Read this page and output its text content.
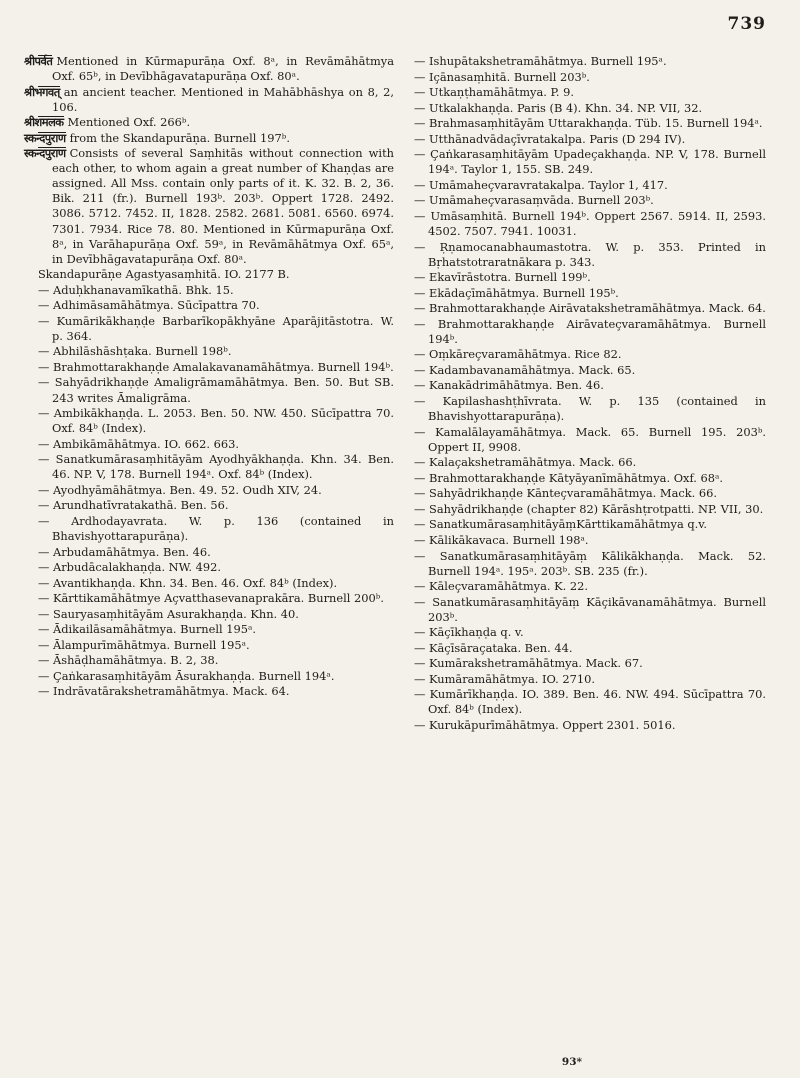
739
श्रीपर्वत Mentioned in Kūrmapurāṇa Oxf. 8ᵃ, in Revāmāhātmya Oxf. 65ᵇ, in Devībhāgavatapurāṇa Oxf. 80ᵃ.
श्रीभगवत् an ancient teacher. Mentioned in Mahābhāshya on 8, 2, 106.
श्रीशमलक Mentioned Oxf. 266ᵇ.
स्कन्दपुराण from the Skandapurāṇa. Burnell 197ᵇ.
स्कन्दपुराण Consists of several Saṃhitās without connection with each other, to whom again a great number of Khaṇḍas are assigned. All Mss. contain only parts of it. K. 32. B. 2, 36. Bik. 211 (fr.). Burnell 193ᵇ. 203ᵇ. Oppert 1728. 2492. 3086. 5712. 7452. II, 1828. 2582. 2681. 5081. 6560. 6974. 7301. 7934. Rice 78. 80. Mentioned in Kūrmapurāṇa Oxf. 8ᵃ, in Varāhapurāṇa Oxf. 59ᵃ, in Revāmāhātmya Oxf. 65ᵃ, in Devībhāgavatapurāṇa Oxf. 80ᵃ.
Skandapurāṇe Agastyasaṃhitā. IO. 2177 B.
— Aduḥkhanavamīkathā. Bhk. 15.
— Adhimāsamāhātmya. Sūcīpattra 70.
— Kumārikākhaṇḍe Barbarīkopākhyāne Aparājitāstotra. W. p. 364.
— Abhilāshāshṭaka. Burnell 198ᵇ.
— Brahmottarakhaṇḍe Amalakavanamāhātmya. Burnell 194ᵇ.
— Sahyādrikhaṇḍe Amaligrāmamāhātmya. Ben. 50. But SB. 243 writes Āmaligrāma.
— Ambikākhaṇḍa. L. 2053. Ben. 50. NW. 450. Sūcīpattra 70. Oxf. 84ᵇ (Index).
— Ambikāmāhātmya. IO. 662. 663.
— Sanatkumārasaṃhitāyām Ayodhyākhaṇḍa. Khn. 34. Ben. 46. NP. V, 178. Burnell 194ᵃ. Oxf. 84ᵇ (Index).
— Ayodhyāmāhātmya. Ben. 49. 52. Oudh XIV, 24.
— Arundhatīvratakathā. Ben. 56.
— Ardhodayavrata. W. p. 136 (contained in Bhavishyottarapurāṇa).
— Arbudamāhātmya. Ben. 46.
— Arbudācalakhaṇḍa. NW. 492.
— Avantikhaṇḍa. Khn. 34. Ben. 46. Oxf. 84ᵇ (Index).
— Kārttikamāhātmye Aҫvatthasevanaprakāra. Burnell 200ᵇ.
— Sauryasaṃhitāyām Asurakhaṇḍa. Khn. 40.
— Ādikailāsamāhātmya. Burnell 195ᵃ.
— Ālampurīmāhātmya. Burnell 195ᵃ.
— Āshāḍhamāhātmya. B. 2, 38.
— Çaṅkarasaṃhitāyām Āsurakhaṇḍa. Burnell 194ᵃ.
— Indrāvatārakshetramāhātmya. Mack. 64.
— Ishupātakshetramāhātmya. Burnell 195ᵃ.
— Içānasaṃhitā. Burnell 203ᵇ.
— Utkaṇṭhamāhātmya. P. 9.
— Utkalakhaṇḍa. Paris (B 4). Khn. 34. NP. VII, 32.
— Brahmasaṃhitāyām Uttarakhaṇḍa. Tüb. 15. Burnell 194ᵃ.
— Utthānadvādaçīvratakalpa. Paris (D 294 IV).
— Çaṅkarasaṃhitāyām Upadeçakhaṇḍa. NP. V, 178. Burnell 194ᵃ. Taylor 1, 155. SB. 249.
— Umāmaheçvaravratakalpa. Taylor 1, 417.
— Umāmaheçvarasaṃvāda. Burnell 203ᵇ.
— Umāsaṃhitā. Burnell 194ᵇ. Oppert 2567. 5914. II, 2593. 4502. 7507. 7941. 10031.
— Ṛṇamocanabhaumastotra. W. p. 353. Printed in Bṛhatstotraratnākara p. 343.
— Ekavīrāstotra. Burnell 199ᵇ.
— Ekādaçīmāhātmya. Burnell 195ᵇ.
— Brahmottarakhaṇḍe Airāvatakshetramāhātmya. Mack. 64.
— Brahmottarakhaṇḍe Airāvateçvaramāhātmya. Burnell 194ᵇ.
— Oṃkāreçvaramāhātmya. Rice 82.
— Kadambavanamāhātmya. Mack. 65.
— Kanakādrimāhātmya. Ben. 46.
— Kapilashashṭhīvrata. W. p. 135 (contained in Bhavishyottarapurāṇa).
— Kamalālayamāhātmya. Mack. 65. Burnell 195. 203ᵇ. Oppert II, 9908.
— Kalaçakshetramāhātmya. Mack. 66.
— Brahmottarakhaṇḍe Kātyāyanīmāhātmya. Oxf. 68ᵃ.
— Sahyādrikhaṇḍe Kānteçvaramāhātmya. Mack. 66.
— Sahyādrikhaṇḍe (chapter 82) Kārāshṭrotpatti. NP. VII, 30.
— SanatkumārasaṃhitāyāṃKārttikamāhātmya q.v.
— Kālikākavaca. Burnell 198ᵃ.
— Sanatkumārasaṃhitāyāṃ Kālikākhaṇḍa. Mack. 52. Burnell 194ᵃ. 195ᵃ. 203ᵇ. SB. 235 (fr.).
— Kāleçvaramāhātmya. K. 22.
— Sanatkumārasaṃhitāyāṃ Kāçikāvanamāhātmya. Burnell 203ᵇ.
— Kāçīkhaṇḍa q. v.
— Kāçīsāraçataka. Ben. 44.
— Kumārakshetramāhātmya. Mack. 67.
— Kumāramāhātmya. IO. 2710.
— Kumārīkhaṇḍa. IO. 389. Ben. 46. NW. 494. Sūcīpattra 70. Oxf. 84ᵇ (Index).
— Kurukāpurīmāhātmya. Oppert 2301. 5016.
93*
